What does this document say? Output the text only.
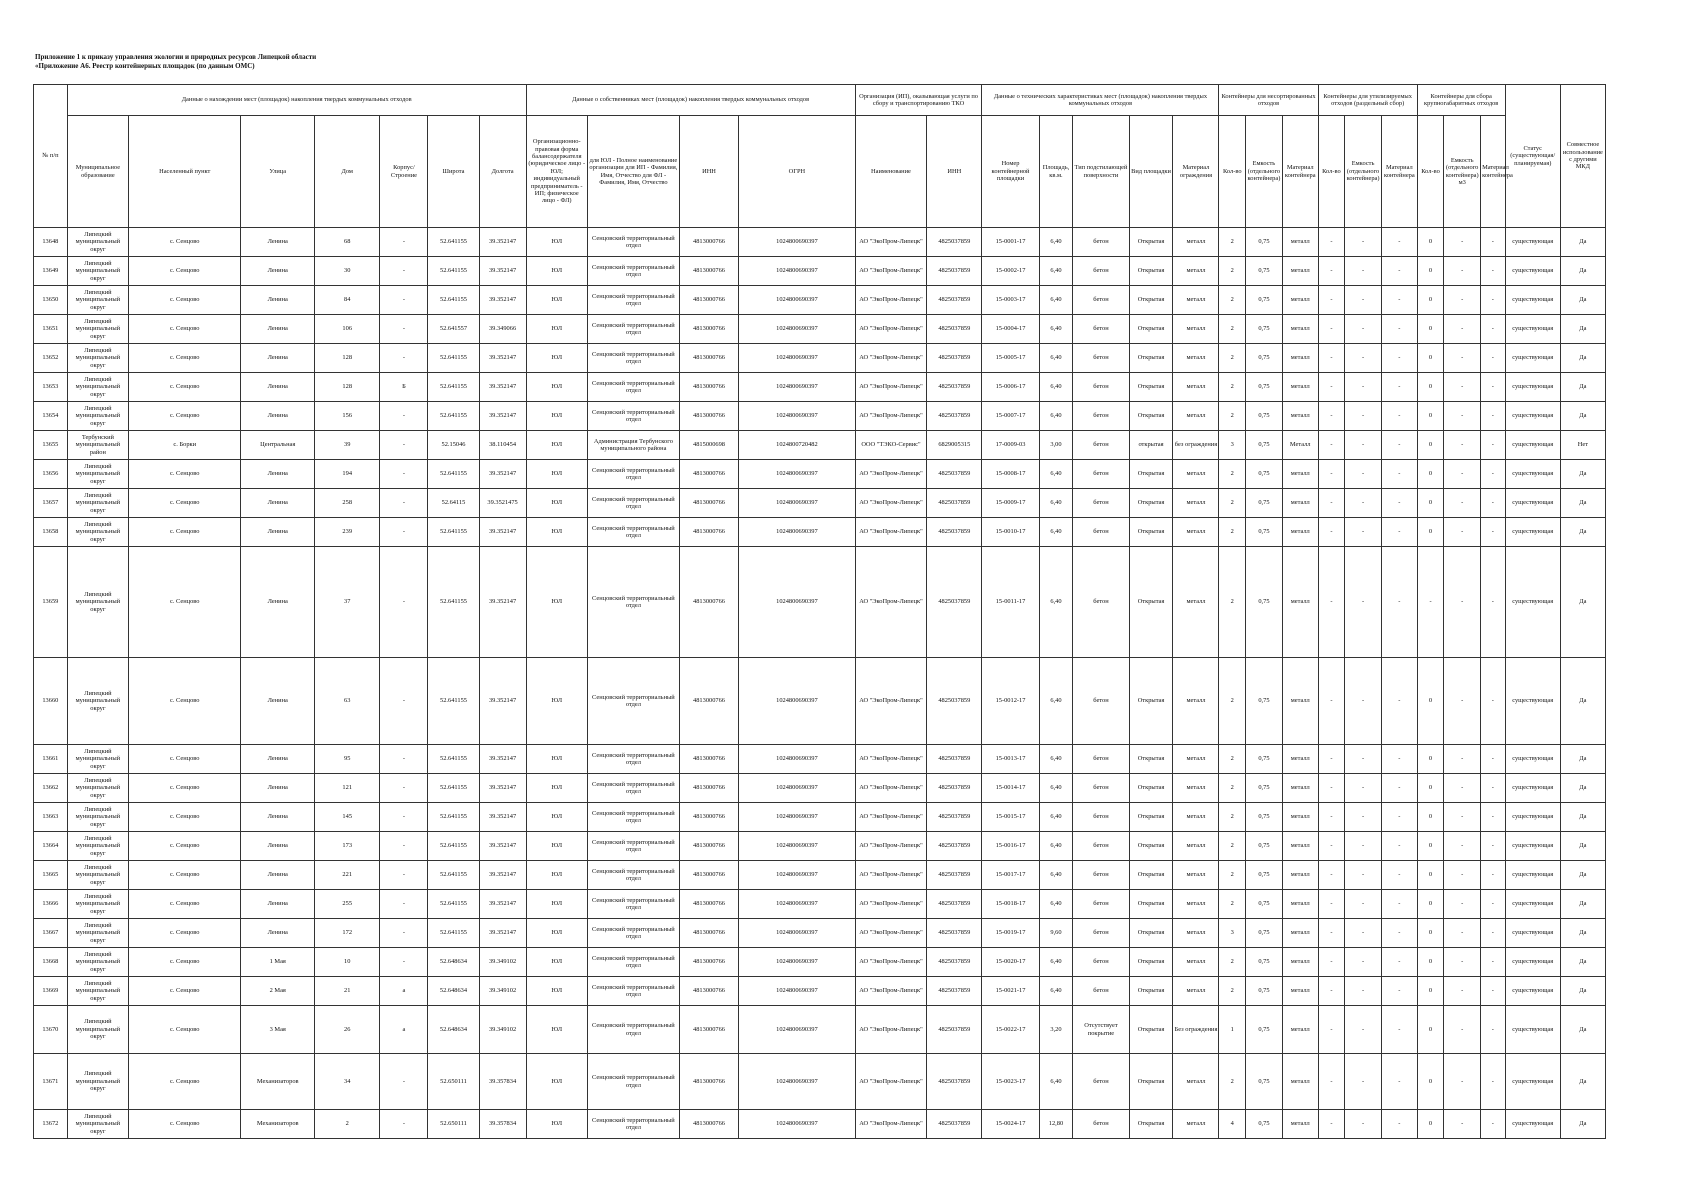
Приложение 1 к приказу управления экологии и природных ресурсов Липецкой области
«Приложение А6. Реестр контейнерных площадок (по данным ОМС)
№ п/п	Данные о нахождении мест (площадок) накопления твердых коммунальных отходов							Данные о собственниках мест (площадок) накопления твердых коммунальных отходов				Организация (ИП), оказывающая услуги по сбору и транспортированию ТКО		Данные о технических характеристиках мест (площадок) накопления твердых коммунальных отходов					Контейнеры для несортированных отходов			Контейнеры для утилизируемых отходов (раздельный сбор)			Контейнеры для сбора крупногабаритных отходов			Статус (существующая/ планируемая)	Совместное использование с другими МКД
	Муниципальное образование	Населенный пункт	Улица	Дом	Корпус/Строение	Широта	Долгота	Организационно-правовая форма балансодержателя (юридическое лицо - ЮЛ; индивидуальный предприниматель - ИП; физическое лицо - ФЛ)	для ЮЛ - Полное наименование организации для ИП - Фамилия, Имя, Отчество для ФЛ - Фамилия, Имя, Отчество	ИНН	ОГРН	Наименование	ИНН	Номер контейнерной площадки	Площадь, кв.м.	Тип подстилающей поверхности	Вид площадки	Материал ограждения	Кол-во	Емкость (отдельного контейнера)	Материал контейнера	Кол-во	Емкость (отдельного контейнера)	Материал контейнера	Кол-во	Емкость (отдельного контейнера) м3	Материал контейнера		
13648	Липецкий муниципальный округ	с. Сенцово	Ленина	68	-	52.641155	39.352147	ЮЛ	Сенцовский территориальный отдел	4813000766	1024800690397	АО "ЭкоПром-Липецк"	4825037859	15-0001-17	6,40	бетон	Открытая	металл	2	0,75	металл	-	-	-	0	-	-	существующая	Да
13649	Липецкий муниципальный округ	с. Сенцово	Ленина	30	-	52.641155	39.352147	ЮЛ	Сенцовский территориальный отдел	4813000766	1024800690397	АО "ЭкоПром-Липецк"	4825037859	15-0002-17	6,40	бетон	Открытая	металл	2	0,75	металл	-	-	-	0	-	-	существующая	Да
13650	Липецкий муниципальный округ	с. Сенцово	Ленина	84	-	52.641155	39.352147	ЮЛ	Сенцовский территориальный отдел	4813000766	1024800690397	АО "ЭкоПром-Липецк"	4825037859	15-0003-17	6,40	бетон	Открытая	металл	2	0,75	металл	-	-	-	0	-	-	существующая	Да
13651	Липецкий муниципальный округ	с. Сенцово	Ленина	106	-	52.641557	39.349066	ЮЛ	Сенцовский территориальный отдел	4813000766	1024800690397	АО "ЭкоПром-Липецк"	4825037859	15-0004-17	6,40	бетон	Открытая	металл	2	0,75	металл	-	-	-	0	-	-	существующая	Да
13652	Липецкий муниципальный округ	с. Сенцово	Ленина	128	-	52.641155	39.352147	ЮЛ	Сенцовский территориальный отдел	4813000766	1024800690397	АО "ЭкоПром-Липецк"	4825037859	15-0005-17	6,40	бетон	Открытая	металл	2	0,75	металл	-	-	-	0	-	-	существующая	Да
13653	Липецкий муниципальный округ	с. Сенцово	Ленина	128	Б	52.641155	39.352147	ЮЛ	Сенцовский территориальный отдел	4813000766	1024800690397	АО "ЭкоПром-Липецк"	4825037859	15-0006-17	6,40	бетон	Открытая	металл	2	0,75	металл	-	-	-	0	-	-	существующая	Да
13654	Липецкий муниципальный округ	с. Сенцово	Ленина	156	-	52.641155	39.352147	ЮЛ	Сенцовский территориальный отдел	4813000766	1024800690397	АО "ЭкоПром-Липецк"	4825037859	15-0007-17	6,40	бетон	Открытая	металл	2	0,75	металл	-	-	-	0	-	-	существующая	Да
13655	Тербунский муниципальный район	с. Борки	Центральная	39	-	52.15046	38.110454	ЮЛ	Администрация Тербунского муниципального района	4815000698	1024800720482	ООО "ТЭКО-Сервис"	6829005315	17-0009-03	3,00	бетон	открытая	без ограждения	3	0,75	Металл	-	-	-	0	-	-	существующая	Нет
13656	Липецкий муниципальный округ	с. Сенцово	Ленина	194	-	52.641155	39.352147	ЮЛ	Сенцовский территориальный отдел	4813000766	1024800690397	АО "ЭкоПром-Липецк"	4825037859	15-0008-17	6,40	бетон	Открытая	металл	2	0,75	металл	-	-	-	0	-	-	существующая	Да
13657	Липецкий муниципальный округ	с. Сенцово	Ленина	258	-	52.64115	39.3521475	ЮЛ	Сенцовский территориальный отдел	4813000766	1024800690397	АО "ЭкоПром-Липецк"	4825037859	15-0009-17	6,40	бетон	Открытая	металл	2	0,75	металл	-	-	-	0	-	-	существующая	Да
13658	Липецкий муниципальный округ	с. Сенцово	Ленина	239	-	52.641155	39.352147	ЮЛ	Сенцовский территориальный отдел	4813000766	1024800690397	АО "ЭкоПром-Липецк"	4825037859	15-0010-17	6,40	бетон	Открытая	металл	2	0,75	металл	-	-	-	0	-	-	существующая	Да
13659	Липецкий муниципальный округ	с. Сенцово	Ленина	37	-	52.641155	39.352147	ЮЛ	Сенцовский территориальный отдел	4813000766	1024800690397	АО "ЭкоПром-Липецк"	4825037859	15-0011-17	6,40	бетон	Открытая	металл	2	0,75	металл	-	-	-	-	-	-	существующая	Да
13660	Липецкий муниципальный округ	с. Сенцово	Ленина	63	-	52.641155	39.352147	ЮЛ	Сенцовский территориальный отдел	4813000766	1024800690397	АО "ЭкоПром-Липецк"	4825037859	15-0012-17	6,40	бетон	Открытая	металл	2	0,75	металл	-	-	-	0	-	-	существующая	Да
13661	Липецкий муниципальный округ	с. Сенцово	Ленина	95	-	52.641155	39.352147	ЮЛ	Сенцовский территориальный отдел	4813000766	1024800690397	АО "ЭкоПром-Липецк"	4825037859	15-0013-17	6,40	бетон	Открытая	металл	2	0,75	металл	-	-	-	0	-	-	существующая	Да
13662	Липецкий муниципальный округ	с. Сенцово	Ленина	121	-	52.641155	39.352147	ЮЛ	Сенцовский территориальный отдел	4813000766	1024800690397	АО "ЭкоПром-Липецк"	4825037859	15-0014-17	6,40	бетон	Открытая	металл	2	0,75	металл	-	-	-	0	-	-	существующая	Да
13663	Липецкий муниципальный округ	с. Сенцово	Ленина	145	-	52.641155	39.352147	ЮЛ	Сенцовский территориальный отдел	4813000766	1024800690397	АО "ЭкоПром-Липецк"	4825037859	15-0015-17	6,40	бетон	Открытая	металл	2	0,75	металл	-	-	-	0	-	-	существующая	Да
13664	Липецкий муниципальный округ	с. Сенцово	Ленина	173	-	52.641155	39.352147	ЮЛ	Сенцовский территориальный отдел	4813000766	1024800690397	АО "ЭкоПром-Липецк"	4825037859	15-0016-17	6,40	бетон	Открытая	металл	2	0,75	металл	-	-	-	0	-	-	существующая	Да
13665	Липецкий муниципальный округ	с. Сенцово	Ленина	221	-	52.641155	39.352147	ЮЛ	Сенцовский территориальный отдел	4813000766	1024800690397	АО "ЭкоПром-Липецк"	4825037859	15-0017-17	6,40	бетон	Открытая	металл	2	0,75	металл	-	-	-	0	-	-	существующая	Да
13666	Липецкий муниципальный округ	с. Сенцово	Ленина	255	-	52.641155	39.352147	ЮЛ	Сенцовский территориальный отдел	4813000766	1024800690397	АО "ЭкоПром-Липецк"	4825037859	15-0018-17	6,40	бетон	Открытая	металл	2	0,75	металл	-	-	-	0	-	-	существующая	Да
13667	Липецкий муниципальный округ	с. Сенцово	Ленина	172	-	52.641155	39.352147	ЮЛ	Сенцовский территориальный отдел	4813000766	1024800690397	АО "ЭкоПром-Липецк"	4825037859	15-0019-17	9,60	бетон	Открытая	металл	3	0,75	металл	-	-	-	0	-	-	существующая	Да
13668	Липецкий муниципальный округ	с. Сенцово	1 Мая	10	-	52.648634	39.349102	ЮЛ	Сенцовский территориальный отдел	4813000766	1024800690397	АО "ЭкоПром-Липецк"	4825037859	15-0020-17	6,40	бетон	Открытая	металл	2	0,75	металл	-	-	-	0	-	-	существующая	Да
13669	Липецкий муниципальный округ	с. Сенцово	2 Мая	21	а	52.648634	39.349102	ЮЛ	Сенцовский территориальный отдел	4813000766	1024800690397	АО "ЭкоПром-Липецк"	4825037859	15-0021-17	6,40	бетон	Открытая	металл	2	0,75	металл	-	-	-	0	-	-	существующая	Да
13670	Липецкий муниципальный округ	с. Сенцово	3 Мая	26	а	52.648634	39.349102	ЮЛ	Сенцовский территориальный отдел	4813000766	1024800690397	АО "ЭкоПром-Липецк"	4825037859	15-0022-17	3,20	Отсутствует покрытие	Открытая	Без ограждения	1	0,75	металл	-	-	-	0	-	-	существующая	Да
13671	Липецкий муниципальный округ	с. Сенцово	Механизаторов	34	-	52.650111	39.357834	ЮЛ	Сенцовский территориальный отдел	4813000766	1024800690397	АО "ЭкоПром-Липецк"	4825037859	15-0023-17	6,40	бетон	Открытая	металл	2	0,75	металл	-	-	-	0	-	-	существующая	Да
13672	Липецкий муниципальный округ	с. Сенцово	Механизаторов	2	-	52.650111	39.357834	ЮЛ	Сенцовский территориальный отдел	4813000766	1024800690397	АО "ЭкоПром-Липецк"	4825037859	15-0024-17	12,80	бетон	Открытая	металл	4	0,75	металл	-	-	-	0	-	-	существующая	Да
